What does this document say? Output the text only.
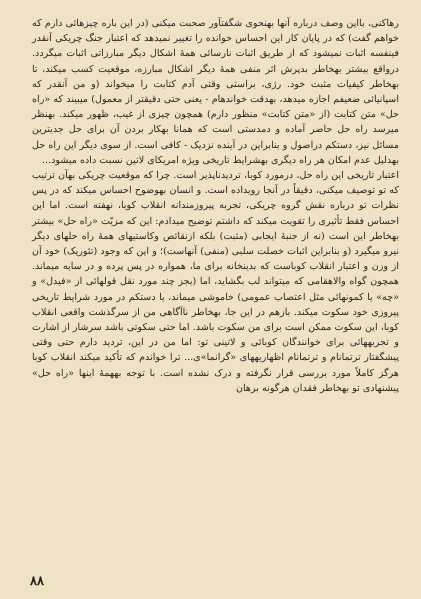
رهاکنی، بااین وصف درباره آنها بهنحوی شگفتآور صحبت میکنی (در این باره چیزهائی دارم که خواهم گفت) که در پایان کار این احساس خوانده را تغییر نمیدهد که اعتبار جنگ چریکی آنقدر فینفسه اثبات نمیشود که از طریق اثبات نارسائی همهٔ اشکال دیگر مبارزاتی اثبات میگردد. درواقع بیشتر بهخاطر بدپرش اثر منفی همهٔ دیگر اشکال مبارزه، موقعیت کسب میکند، تا بهخاطر کیفیات مثبت خود. رژی، براستی وقتی آدم کتابت را میخواند (و من آنقدر که اسپانیائی ضعیفم اجازه میدهد، بهدقت خواندهام - یعنی حتی دقیقتر از معمول) میبیند که «راه حل» متن کتابت (از «متن کتابت» منظور دارم) همچون چیزی از غیب، ظهور میکند. بهنظر میرسد راه حل حاضر آماده و دمدستی است که همانا بهکار بردن آن برای حل جدیترین مسائل نیز، دستکم دراصول و بنابراین در آینده نزدیک - کافی است. از سوی دیگر این راه حل بهدلیل عدم امکان هر راه دیگری بهشرایط تاریخی ویژه امریکای لاتین نسبت داده میشود...

اعتبار تاریخی این راه حل، درمورد کوبا، تردیدناپذیر است. چرا که موقعیت چریکی بهآن ترتیب که تو توصیف میکنی، دقیقاً در آنجا رویداده است. و انسان بهوضوح احساس میکند که در پس نظرات تو درباره نقش گروه چریکی، تجربه پیروزمندانه انقلاب کوبا، نهفته است. اما این احساس فقط تأثیری را تقویت میکند که داشتم توضیح میدادم: این که مزیّت «راه حل» بیشتر بهخاطر این است (نه از جنبهٔ ایجابی (مثبت) بلکه ازنقائص وکاستیهای همهٔ راه حلهای دیگر نیرو میگیرد (و بنابراین اثبات خصلت سلبی (منفی) آنهاست)؛ و این که وجود (تئوریک) خود آن از وزن و اعتبار انقلاب کوباست که بدینخانه برای ما، همواره در پس پرده و در سایه میماند. همچون گواه والاهقامی که میتواند لب بگشاید، اما (بجز چند مورد نقل قولهائی از «فیدل» و «چه» یا کمونهائی مثل اعتصاب عمومی) خاموشی میماند، یا دستکم در مورد شرایط تاریخی پیروزی خود سکوت میکند. بازهم در این جا، بهخاطر ناآگاهی من از سرگذشت واقعی انقلاب کوبا، این سکوت ممکن است برای من سکوت باشد. اما حتی سکوتی باشد سرشار از اشارت و تجربههائی برای خوانندگان کوبائی و لاتینی تو: اما من در این، تردید دارم حتی وقتی پیشگفتار ترتمانام و ترتمانام اظهاریههای «گرانما»ی... ترا خواندم که تأکید میکند انقلاب کوبا هرگز کاملاً مورد بررسی قرار نگرفته و درک نشده است. با توجه بههمهٔ اینها «راه حل» پیشنهادی تو بهخاطر فقدان هرگونه برهان

۸۸
